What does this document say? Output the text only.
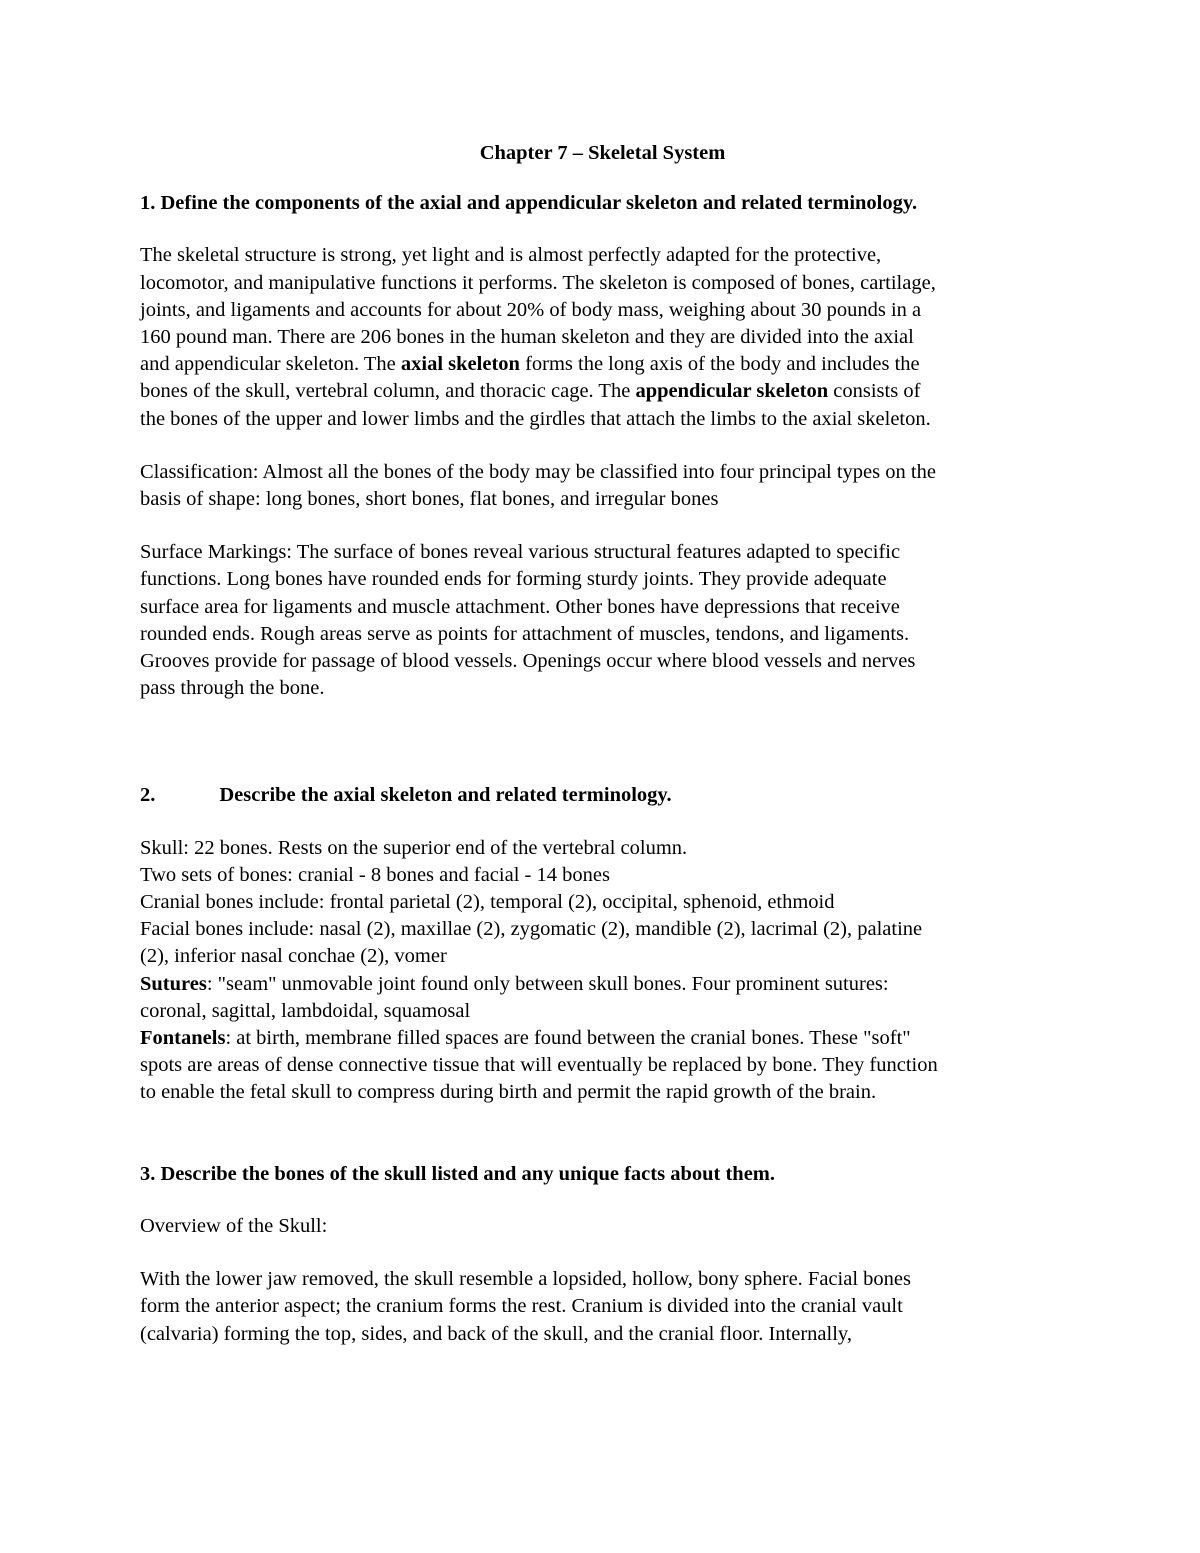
Chapter 7 – Skeletal System
1. Define the components of the axial and appendicular skeleton and related terminology.
The skeletal structure is strong, yet light and is almost perfectly adapted for the protective,
locomotor, and manipulative functions it performs. The skeleton is composed of bones, cartilage,
joints, and ligaments and accounts for about 20% of body mass, weighing about 30 pounds in a
160 pound man. There are 206 bones in the human skeleton and they are divided into the axial
and appendicular skeleton. The axial skeleton forms the long axis of the body and includes the
bones of the skull, vertebral column, and thoracic cage. The appendicular skeleton consists of
the bones of the upper and lower limbs and the girdles that attach the limbs to the axial skeleton.
Classification: Almost all the bones of the body may be classified into four principal types on the
basis of shape: long bones, short bones, flat bones, and irregular bones
Surface Markings: The surface of bones reveal various structural features adapted to specific
functions. Long bones have rounded ends for forming sturdy joints. They provide adequate
surface area for ligaments and muscle attachment. Other bones have depressions that receive
rounded ends. Rough areas serve as points for attachment of muscles, tendons, and ligaments.
Grooves provide for passage of blood vessels. Openings occur where blood vessels and nerves
pass through the bone.
2.	Describe the axial skeleton and related terminology.
Skull: 22 bones. Rests on the superior end of the vertebral column.
Two sets of bones: cranial - 8 bones and facial - 14 bones
Cranial bones include: frontal parietal (2), temporal (2), occipital, sphenoid, ethmoid
Facial bones include: nasal (2), maxillae (2), zygomatic (2), mandible (2), lacrimal (2), palatine
(2), inferior nasal conchae (2), vomer
Sutures: "seam" unmovable joint found only between skull bones. Four prominent sutures:
coronal, sagittal, lambdoidal, squamosal
Fontanels: at birth, membrane filled spaces are found between the cranial bones. These "soft"
spots are areas of dense connective tissue that will eventually be replaced by bone. They function
to enable the fetal skull to compress during birth and permit the rapid growth of the brain.
3. Describe the bones of the skull listed and any unique facts about them.
Overview of the Skull:
With the lower jaw removed, the skull resemble a lopsided, hollow, bony sphere. Facial bones
form the anterior aspect; the cranium forms the rest. Cranium is divided into the cranial vault
(calvaria) forming the top, sides, and back of the skull, and the cranial floor. Internally,
